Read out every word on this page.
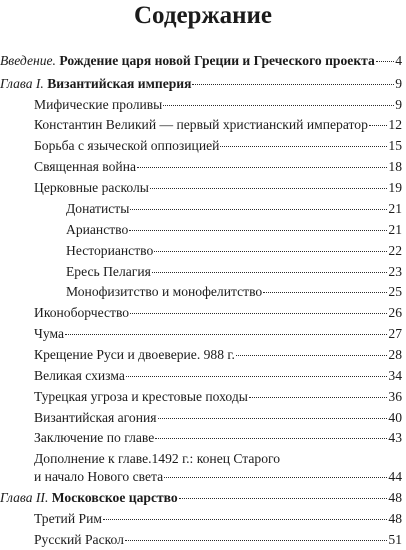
Содержание
Введение. Рождение царя новой Греции и Греческого проекта 4
Глава I. Византийская империя	9
Мифические проливы	9
Константин Великий — первый христианский император 12
Борьба с языческой оппозицией	15
Священная война	18
Церковные расколы	19
Донатисты	21
Арианство	21
Несторианство	22
Ересь Пелагия	23
Монофизитство и монофелитство	25
Иконоборчество	26
Чума	27
Крещение Руси и двоеверие. 988 г.	28
Великая схизма	34
Турецкая угроза и крестовые походы	36
Византийская агония	40
Заключение по главе	43
Дополнение к главе.1492 г.: конец Старого
и начало Нового света	44
Глава II. Московское царство	48
Третий Рим	48
Русский Раскол	51
